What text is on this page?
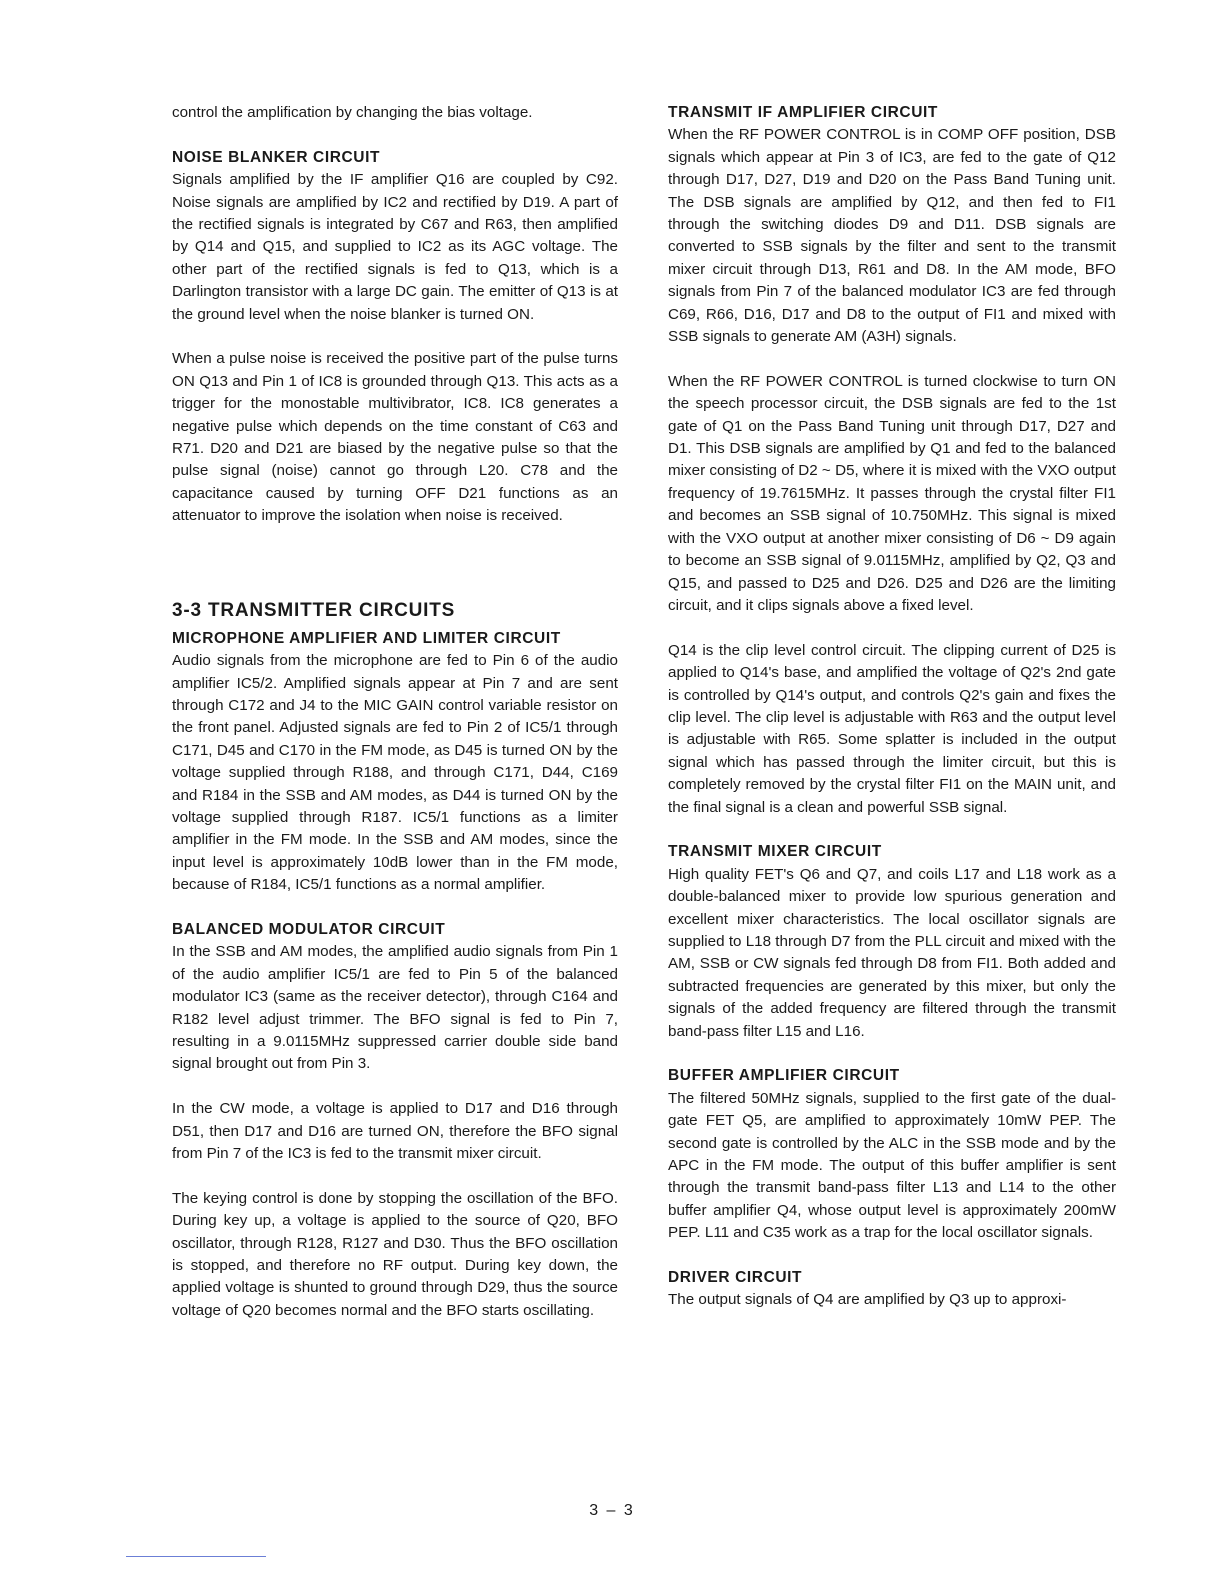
control the amplification by changing the bias voltage.

NOISE BLANKER CIRCUIT

Signals amplified by the IF amplifier Q16 are coupled by C92. Noise signals are amplified by IC2 and rectified by D19. A part of the rectified signals is integrated by C67 and R63, then amplified by Q14 and Q15, and supplied to IC2 as its AGC voltage. The other part of the rectified signals is fed to Q13, which is a Darlington transistor with a large DC gain. The emitter of Q13 is at the ground level when the noise blanker is turned ON.

When a pulse noise is received the positive part of the pulse turns ON Q13 and Pin 1 of IC8 is grounded through Q13. This acts as a trigger for the monostable multivibrator, IC8. IC8 generates a negative pulse which depends on the time constant of C63 and R71. D20 and D21 are biased by the negative pulse so that the pulse signal (noise) cannot go through L20. C78 and the capacitance caused by turning OFF D21 functions as an attenuator to improve the isolation when noise is received.

3-3 TRANSMITTER CIRCUITS
MICROPHONE AMPLIFIER AND LIMITER CIRCUIT

Audio signals from the microphone are fed to Pin 6 of the audio amplifier IC5/2. Amplified signals appear at Pin 7 and are sent through C172 and J4 to the MIC GAIN control variable resistor on the front panel. Adjusted signals are fed to Pin 2 of IC5/1 through C171, D45 and C170 in the FM mode, as D45 is turned ON by the voltage supplied through R188, and through C171, D44, C169 and R184 in the SSB and AM modes, as D44 is turned ON by the voltage supplied through R187. IC5/1 functions as a limiter amplifier in the FM mode. In the SSB and AM modes, since the input level is approximately 10dB lower than in the FM mode, because of R184, IC5/1 functions as a normal amplifier.

BALANCED MODULATOR CIRCUIT

In the SSB and AM modes, the amplified audio signals from Pin 1 of the audio amplifier IC5/1 are fed to Pin 5 of the balanced modulator IC3 (same as the receiver detector), through C164 and R182 level adjust trimmer. The BFO signal is fed to Pin 7, resulting in a 9.0115MHz suppressed carrier double side band signal brought out from Pin 3.

In the CW mode, a voltage is applied to D17 and D16 through D51, then D17 and D16 are turned ON, therefore the BFO signal from Pin 7 of the IC3 is fed to the transmit mixer circuit.

The keying control is done by stopping the oscillation of the BFO. During key up, a voltage is applied to the source of Q20, BFO oscillator, through R128, R127 and D30. Thus the BFO oscillation is stopped, and therefore no RF output. During key down, the applied voltage is shunted to ground through D29, thus the source voltage of Q20 becomes normal and the BFO starts oscillating.

TRANSMIT IF AMPLIFIER CIRCUIT

When the RF POWER CONTROL is in COMP OFF position, DSB signals which appear at Pin 3 of IC3, are fed to the gate of Q12 through D17, D27, D19 and D20 on the Pass Band Tuning unit. The DSB signals are amplified by Q12, and then fed to FI1 through the switching diodes D9 and D11. DSB signals are converted to SSB signals by the filter and sent to the transmit mixer circuit through D13, R61 and D8. In the AM mode, BFO signals from Pin 7 of the balanced modulator IC3 are fed through C69, R66, D16, D17 and D8 to the output of FI1 and mixed with SSB signals to generate AM (A3H) signals.

When the RF POWER CONTROL is turned clockwise to turn ON the speech processor circuit, the DSB signals are fed to the 1st gate of Q1 on the Pass Band Tuning unit through D17, D27 and D1. This DSB signals are amplified by Q1 and fed to the balanced mixer consisting of D2 ~ D5, where it is mixed with the VXO output frequency of 19.7615MHz. It passes through the crystal filter FI1 and becomes an SSB signal of 10.750MHz. This signal is mixed with the VXO output at another mixer consisting of D6 ~ D9 again to become an SSB signal of 9.0115MHz, amplified by Q2, Q3 and Q15, and passed to D25 and D26. D25 and D26 are the limiting circuit, and it clips signals above a fixed level.

Q14 is the clip level control circuit. The clipping current of D25 is applied to Q14's base, and amplified the voltage of Q2's 2nd gate is controlled by Q14's output, and controls Q2's gain and fixes the clip level. The clip level is adjustable with R63 and the output level is adjustable with R65. Some splatter is included in the output signal which has passed through the limiter circuit, but this is completely removed by the crystal filter FI1 on the MAIN unit, and the final signal is a clean and powerful SSB signal.

TRANSMIT MIXER CIRCUIT

High quality FET's Q6 and Q7, and coils L17 and L18 work as a double-balanced mixer to provide low spurious generation and excellent mixer characteristics. The local oscillator signals are supplied to L18 through D7 from the PLL circuit and mixed with the AM, SSB or CW signals fed through D8 from FI1. Both added and subtracted frequencies are generated by this mixer, but only the signals of the added frequency are filtered through the transmit band-pass filter L15 and L16.

BUFFER AMPLIFIER CIRCUIT

The filtered 50MHz signals, supplied to the first gate of the dual-gate FET Q5, are amplified to approximately 10mW PEP. The second gate is controlled by the ALC in the SSB mode and by the APC in the FM mode. The output of this buffer amplifier is sent through the transmit band-pass filter L13 and L14 to the other buffer amplifier Q4, whose output level is approximately 200mW PEP. L11 and C35 work as a trap for the local oscillator signals.

DRIVER CIRCUIT

The output signals of Q4 are amplified by Q3 up to approxi-

3 – 3
